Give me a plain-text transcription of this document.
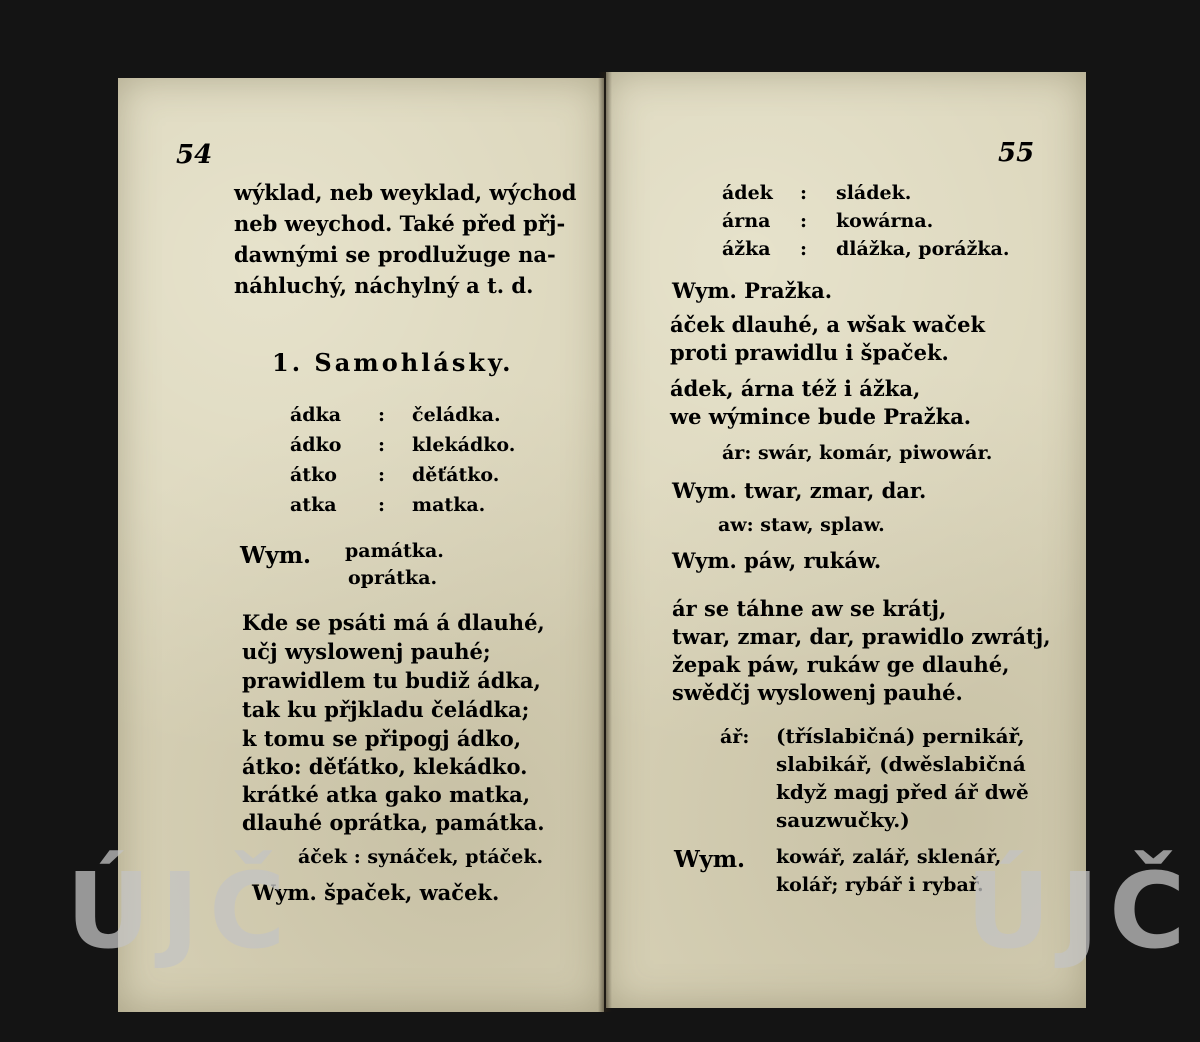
54
wýklad, neb weyklad, wýchod
neb weychod. Také před přj-
dawnými se prodlužuge na-
náhluchý, náchylný a t. d.
1. Samohlásky.
ádka : čeládka.
ádko : klekádko.
átko : děťátko.
atka : matka.
Wym. památka.
oprátka.
Kde se psáti má á dlauhé,
učj wyslowenj pauhé;
prawidlem tu budiž ádka,
tak ku přjkladu čeládka;
k tomu se připogj ádko,
átko: děťátko, klekádko.
krátké atka gako matka,
dlauhé oprátka, památka.
áček : synáček, ptáček.
Wym. špaček, waček.
ÚJČ
55
ádek : sládek.
árna : kowárna.
ážka : dlážka, porážka.
Wym. Pražka.
áček dlauhé, a wšak waček
proti prawidlu i špaček.
ádek, árna též i ážka,
we wýmince bude Pražka.
ár: swár, komár, piwowár.
Wym. twar, zmar, dar.
aw: staw, splaw.
Wym. páw, rukáw.
ár se táhne aw se krátj,
twar, zmar, dar, prawidlo zwrátj,
žepak páw, rukáw ge dlauhé,
swědčj wyslowenj pauhé.
ář: (tříslabičná) pernikář,
slabikář, (dwěslabičná
když magj před ář dwě
sauzwučky.)
Wym. kowář, zalář, sklenář,
kolář; rybář i rybař.
ÚJČ
